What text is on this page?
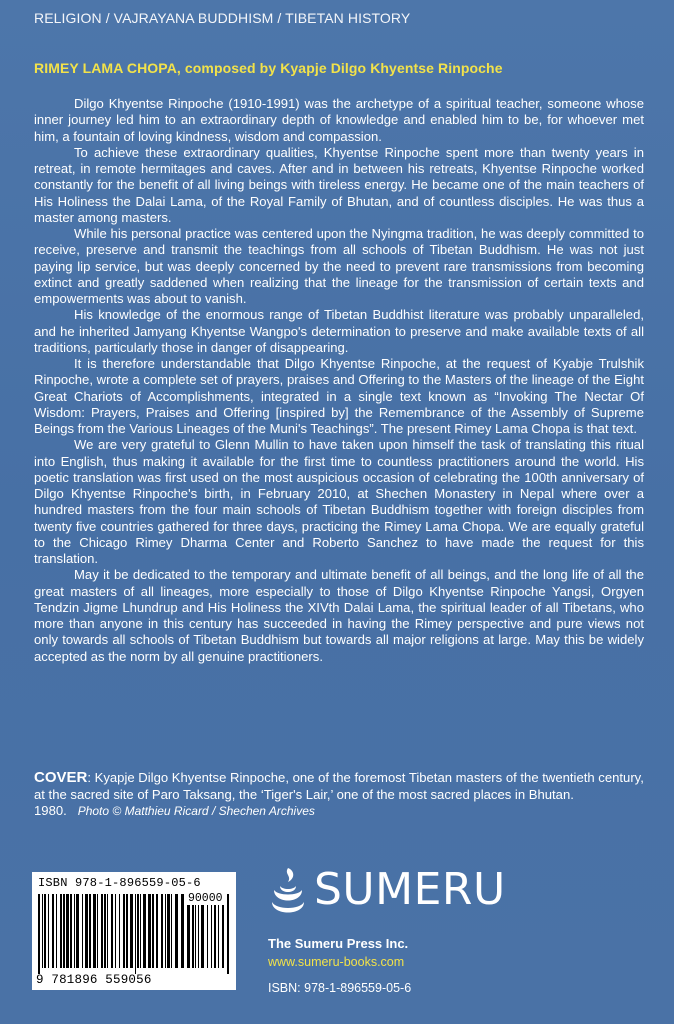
RELIGION / VAJRAYANA BUDDHISM / TIBETAN HISTORY
RIMEY LAMA CHOPA, composed by Kyapje Dilgo Khyentse Rinpoche

Dilgo Khyentse Rinpoche (1910-1991) was the archetype of a spiritual teacher, someone whose inner journey led him to an extraordinary depth of knowledge and enabled him to be, for whoever met him, a fountain of loving kindness, wisdom and compassion.

To achieve these extraordinary qualities, Khyentse Rinpoche spent more than twenty years in retreat, in remote hermitages and caves. After and in between his retreats, Khyentse Rinpoche worked constantly for the benefit of all living beings with tireless energy. He became one of the main teachers of His Holiness the Dalai Lama, of the Royal Family of Bhutan, and of countless disciples. He was thus a master among masters.

While his personal practice was centered upon the Nyingma tradition, he was deeply committed to receive, preserve and transmit the teachings from all schools of Tibetan Buddhism. He was not just paying lip service, but was deeply concerned by the need to prevent rare transmissions from becoming extinct and greatly saddened when realizing that the lineage for the transmission of certain texts and empowerments was about to vanish.

His knowledge of the enormous range of Tibetan Buddhist literature was probably unparalleled, and he inherited Jamyang Khyentse Wangpo's determination to preserve and make available texts of all traditions, particularly those in danger of disappearing.

It is therefore understandable that Dilgo Khyentse Rinpoche, at the request of Kyabje Trulshik Rinpoche, wrote a complete set of prayers, praises and Offering to the Masters of the lineage of the Eight Great Chariots of Accomplishments, integrated in a single text known as “Invoking The Nectar Of Wisdom: Prayers, Praises and Offering [inspired by] the Remembrance of the Assembly of Supreme Beings from the Various Lineages of the Muni's Teachings”. The present Rimey Lama Chopa is that text.

We are very grateful to Glenn Mullin to have taken upon himself the task of translating this ritual into English, thus making it available for the first time to countless practitioners around the world. His poetic translation was first used on the most auspicious occasion of celebrating the 100th anniversary of Dilgo Khyentse Rinpoche's birth, in February 2010, at Shechen Monastery in Nepal where over a hundred masters from the four main schools of Tibetan Buddhism together with foreign disciples from twenty five countries gathered for three days, practicing the Rimey Lama Chopa. We are equally grateful to the Chicago Rimey Dharma Center and Roberto Sanchez to have made the request for this translation.

May it be dedicated to the temporary and ultimate benefit of all beings, and the long life of all the great masters of all lineages, more especially to those of Dilgo Khyentse Rinpoche Yangsi, Orgyen Tendzin Jigme Lhundrup and His Holiness the XIVth Dalai Lama, the spiritual leader of all Tibetans, who more than anyone in this century has succeeded in having the Rimey perspective and pure views not only towards all schools of Tibetan Buddhism but towards all major religions at large. May this be widely accepted as the norm by all genuine practitioners.

COVER: Kyapje Dilgo Khyentse Rinpoche, one of the foremost Tibetan masters of the twentieth century, at the sacred site of Paro Taksang, the ‘Tiger's Lair,’ one of the most sacred places in Bhutan. 1980. Photo © Matthieu Ricard / Shechen Archives
ISBN 978-1-896559-05-6
90000
9 781896 559056
SUMERU
The Sumeru Press Inc.
www.sumeru-books.com
ISBN: 978-1-896559-05-6
